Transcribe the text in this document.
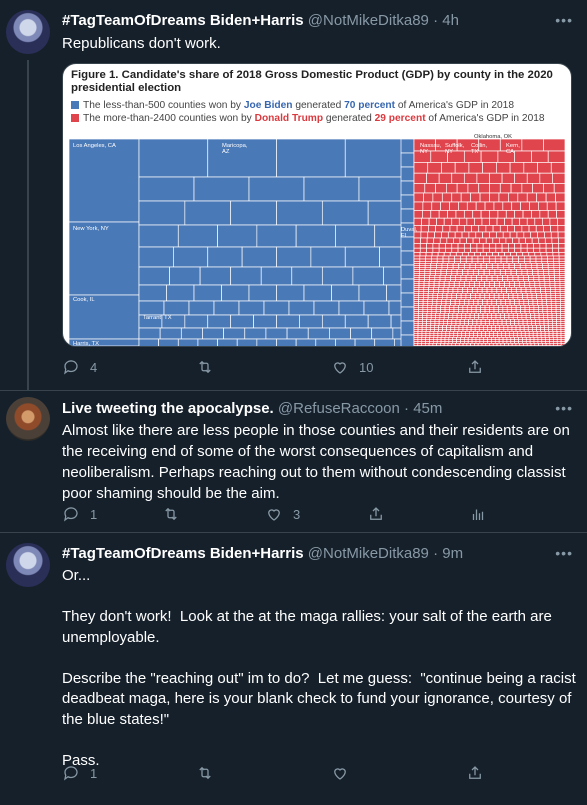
#TagTeamOfDreams Biden+Harris @NotMikeDitka89 · 4h	•••
Republicans don't work.
Figure 1. Candidate's share of 2018 Gross Domestic Product (GDP) by county in the 2020 presidential election
The less-than-500 counties won by Joe Biden generated 70 percent of America's GDP in 2018
The more-than-2400 counties won by Donald Trump generated 29 percent of America's GDP in 2018
Los Angeles, CA	Maricopa,
AZ
New York, NY
Cook, IL
Tarrant, TX
Harris, TX
Duval,
FL
Nassau,
NY
Suffolk,
NY
Collin,
TX
Kern,
CA
Oklahoma, OK
4	10
Live tweeting the apocalypse. @RefuseRaccoon · 45m	•••
Almost like there are less people in those counties and their residents are on the receiving end of some of the worst consequences of capitalism and neoliberalism. Perhaps reaching out to them without condescending classist poor shaming should be the aim.
1	3
#TagTeamOfDreams Biden+Harris @NotMikeDitka89 · 9m	•••
Or...

They don't work!  Look at the at the maga rallies: your salt of the earth are unemployable.

Describe the "reaching out" im to do?  Let me guess:  "continue being a racist deadbeat maga, here is your blank check to fund your ignorance, courtesy of the blue states!"

Pass.
1
